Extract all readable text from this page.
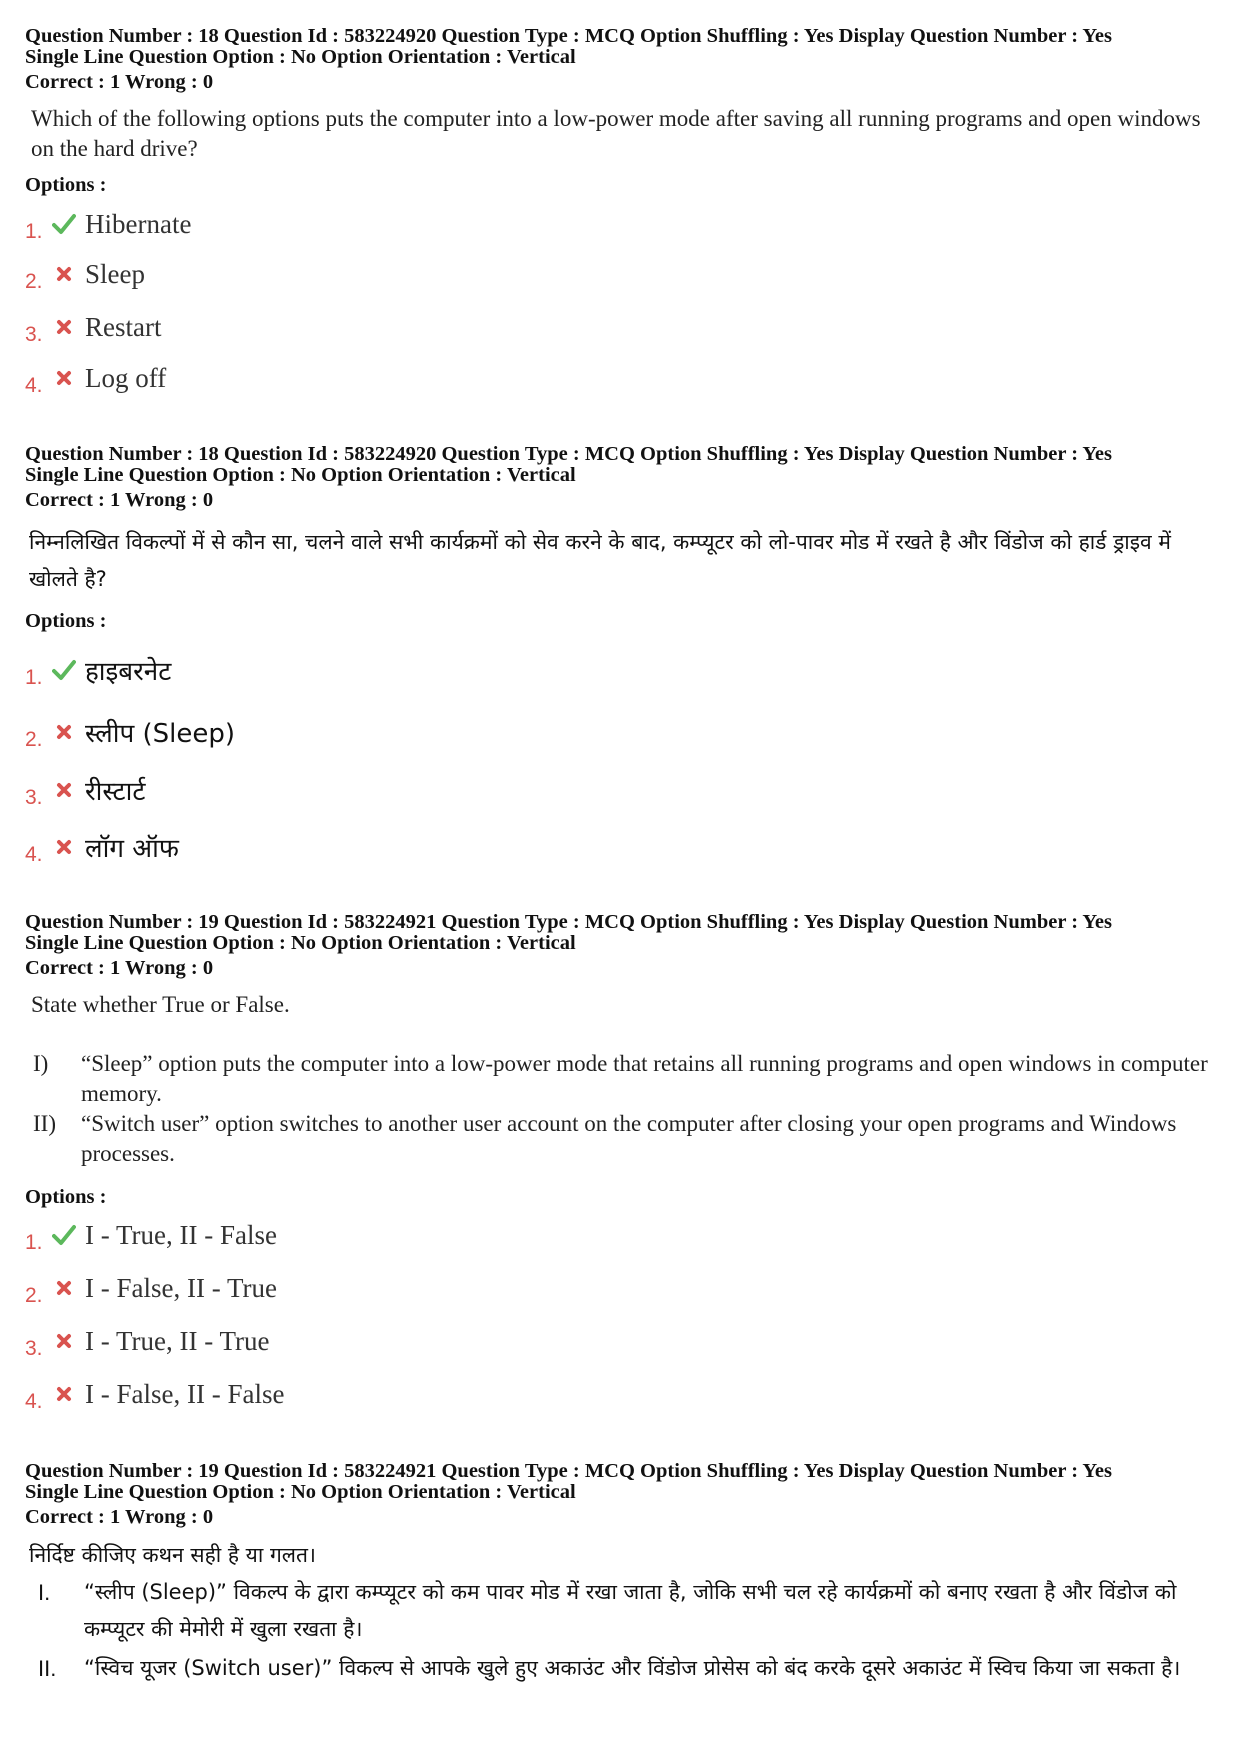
Question Number : 18 Question Id : 583224920 Question Type : MCQ Option Shuffling : Yes Display Question Number : Yes

Single Line Question Option : No Option Orientation : Vertical

Correct : 1 Wrong : 0

Which of the following options puts the computer into a low-power mode after saving all running programs and open windows on the hard drive?
Options :
1.	Hibernate
2.	Sleep
3.	Restart
4.	Log off

Question Number : 18 Question Id : 583224920 Question Type : MCQ Option Shuffling : Yes Display Question Number : Yes

Single Line Question Option : No Option Orientation : Vertical

Correct : 1 Wrong : 0

निम्नलिखित विकल्पों में से कौन सा, चलने वाले सभी कार्यक्रमों को सेव करने के बाद, कम्प्यूटर को लो-पावर मोड में रखते है और विंडोज को हार्ड ड्राइव में खोलते है?
Options :
1.	हाइबरनेट
2.	स्लीप (Sleep)
3.	रीस्टार्ट
4.	लॉग ऑफ

Question Number : 19 Question Id : 583224921 Question Type : MCQ Option Shuffling : Yes Display Question Number : Yes

Single Line Question Option : No Option Orientation : Vertical

Correct : 1 Wrong : 0

State whether True or False.
I)	“Sleep” option puts the computer into a low-power mode that retains all running programs and open windows in computer memory.
II)	“Switch user” option switches to another user account on the computer after closing your open programs and Windows processes.
Options :
1.	I - True, II - False
2.	I - False, II - True
3.	I - True, II - True
4.	I - False, II - False

Question Number : 19 Question Id : 583224921 Question Type : MCQ Option Shuffling : Yes Display Question Number : Yes

Single Line Question Option : No Option Orientation : Vertical

Correct : 1 Wrong : 0

निर्दिष्ट कीजिए कथन सही है या गलत।
I.	“स्लीप (Sleep)” विकल्प के द्वारा कम्प्यूटर को कम पावर मोड में रखा जाता है, जोकि सभी चल रहे कार्यक्रमों को बनाए रखता है और विंडोज को कम्प्यूटर की मेमोरी में खुला रखता है।
II.	“स्विच यूजर (Switch user)” विकल्प से आपके खुले हुए अकाउंट और विंडोज प्रोसेस को बंद करके दूसरे अकाउंट में स्विच किया जा सकता है।
